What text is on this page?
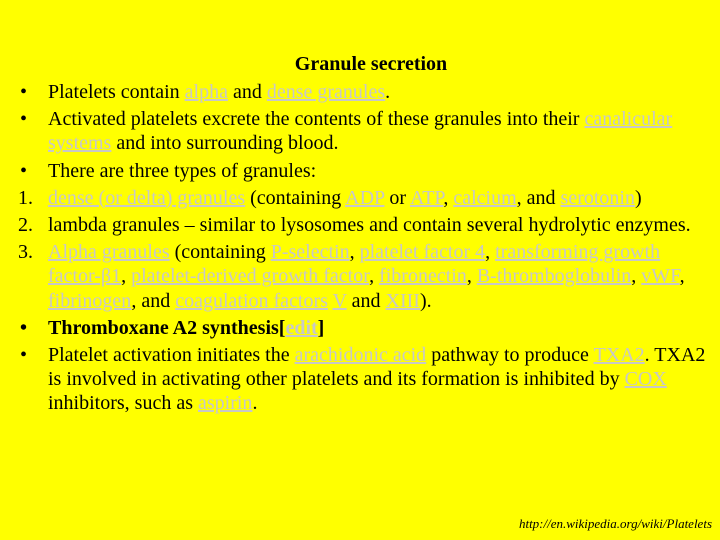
Granule secretion
• Platelets contain alpha and dense granules.
• Activated platelets excrete the contents of these granules into their canalicular systems and into surrounding blood.
• There are three types of granules:
1. dense (or delta) granules (containing ADP or ATP, calcium, and serotonin)
2. lambda granules – similar to lysosomes and contain several hydrolytic enzymes.
3. Alpha granules (containing P-selectin, platelet factor 4, transforming growth factor-β1, platelet-derived growth factor, fibronectin, B-thromboglobulin, vWF, fibrinogen, and coagulation factors V and XIII).
• Thromboxane A2 synthesis[edit]
• Platelet activation initiates the arachidonic acid pathway to produce TXA2. TXA2 is involved in activating other platelets and its formation is inhibited by COX inhibitors, such as aspirin.
http://en.wikipedia.org/wiki/Platelets
